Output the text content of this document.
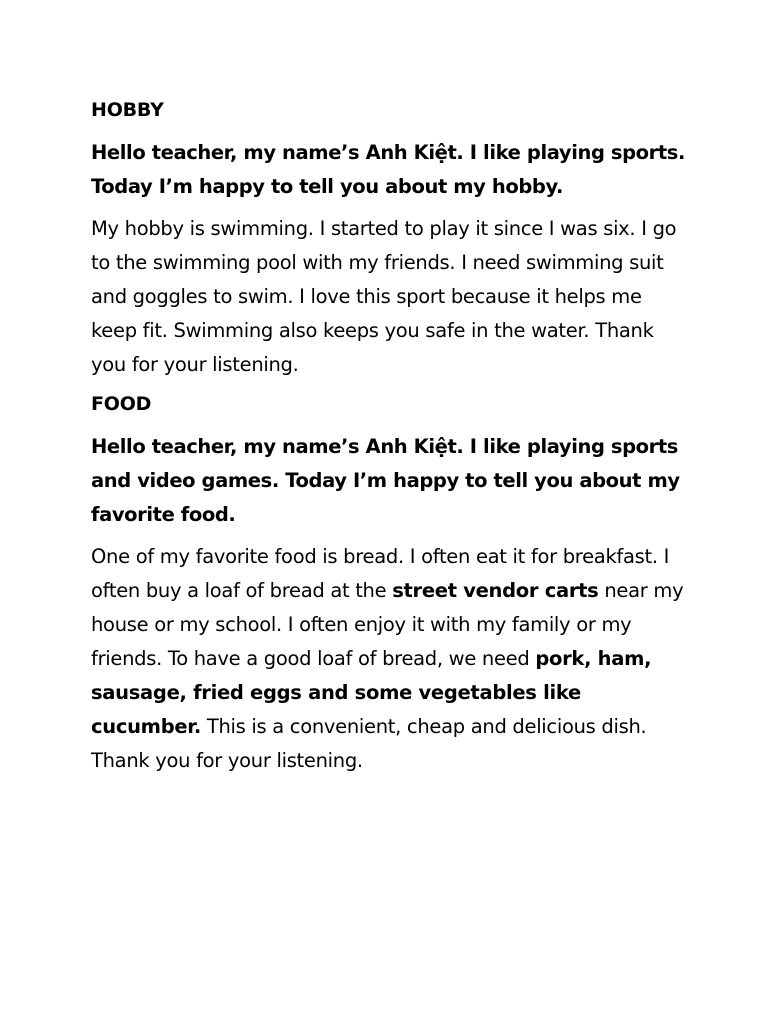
HOBBY

Hello teacher, my name’s Anh Kiệt. I like playing sports. Today I’m happy to tell you about my hobby.

My hobby is swimming. I started to play it since I was six. I go to the swimming pool with my friends. I need swimming suit and goggles to swim. I love this sport because it helps me keep fit. Swimming also keeps you safe in the water. Thank you for your listening.

FOOD

Hello teacher, my name’s Anh Kiệt. I like playing sports and video games. Today I’m happy to tell you about my favorite food.

One of my favorite food is bread. I often eat it for breakfast. I often buy a loaf of bread at the street vendor carts near my house or my school. I often enjoy it with my family or my friends. To have a good loaf of bread, we need pork, ham, sausage, fried eggs and some vegetables like cucumber. This is a convenient, cheap and delicious dish. Thank you for your listening.
